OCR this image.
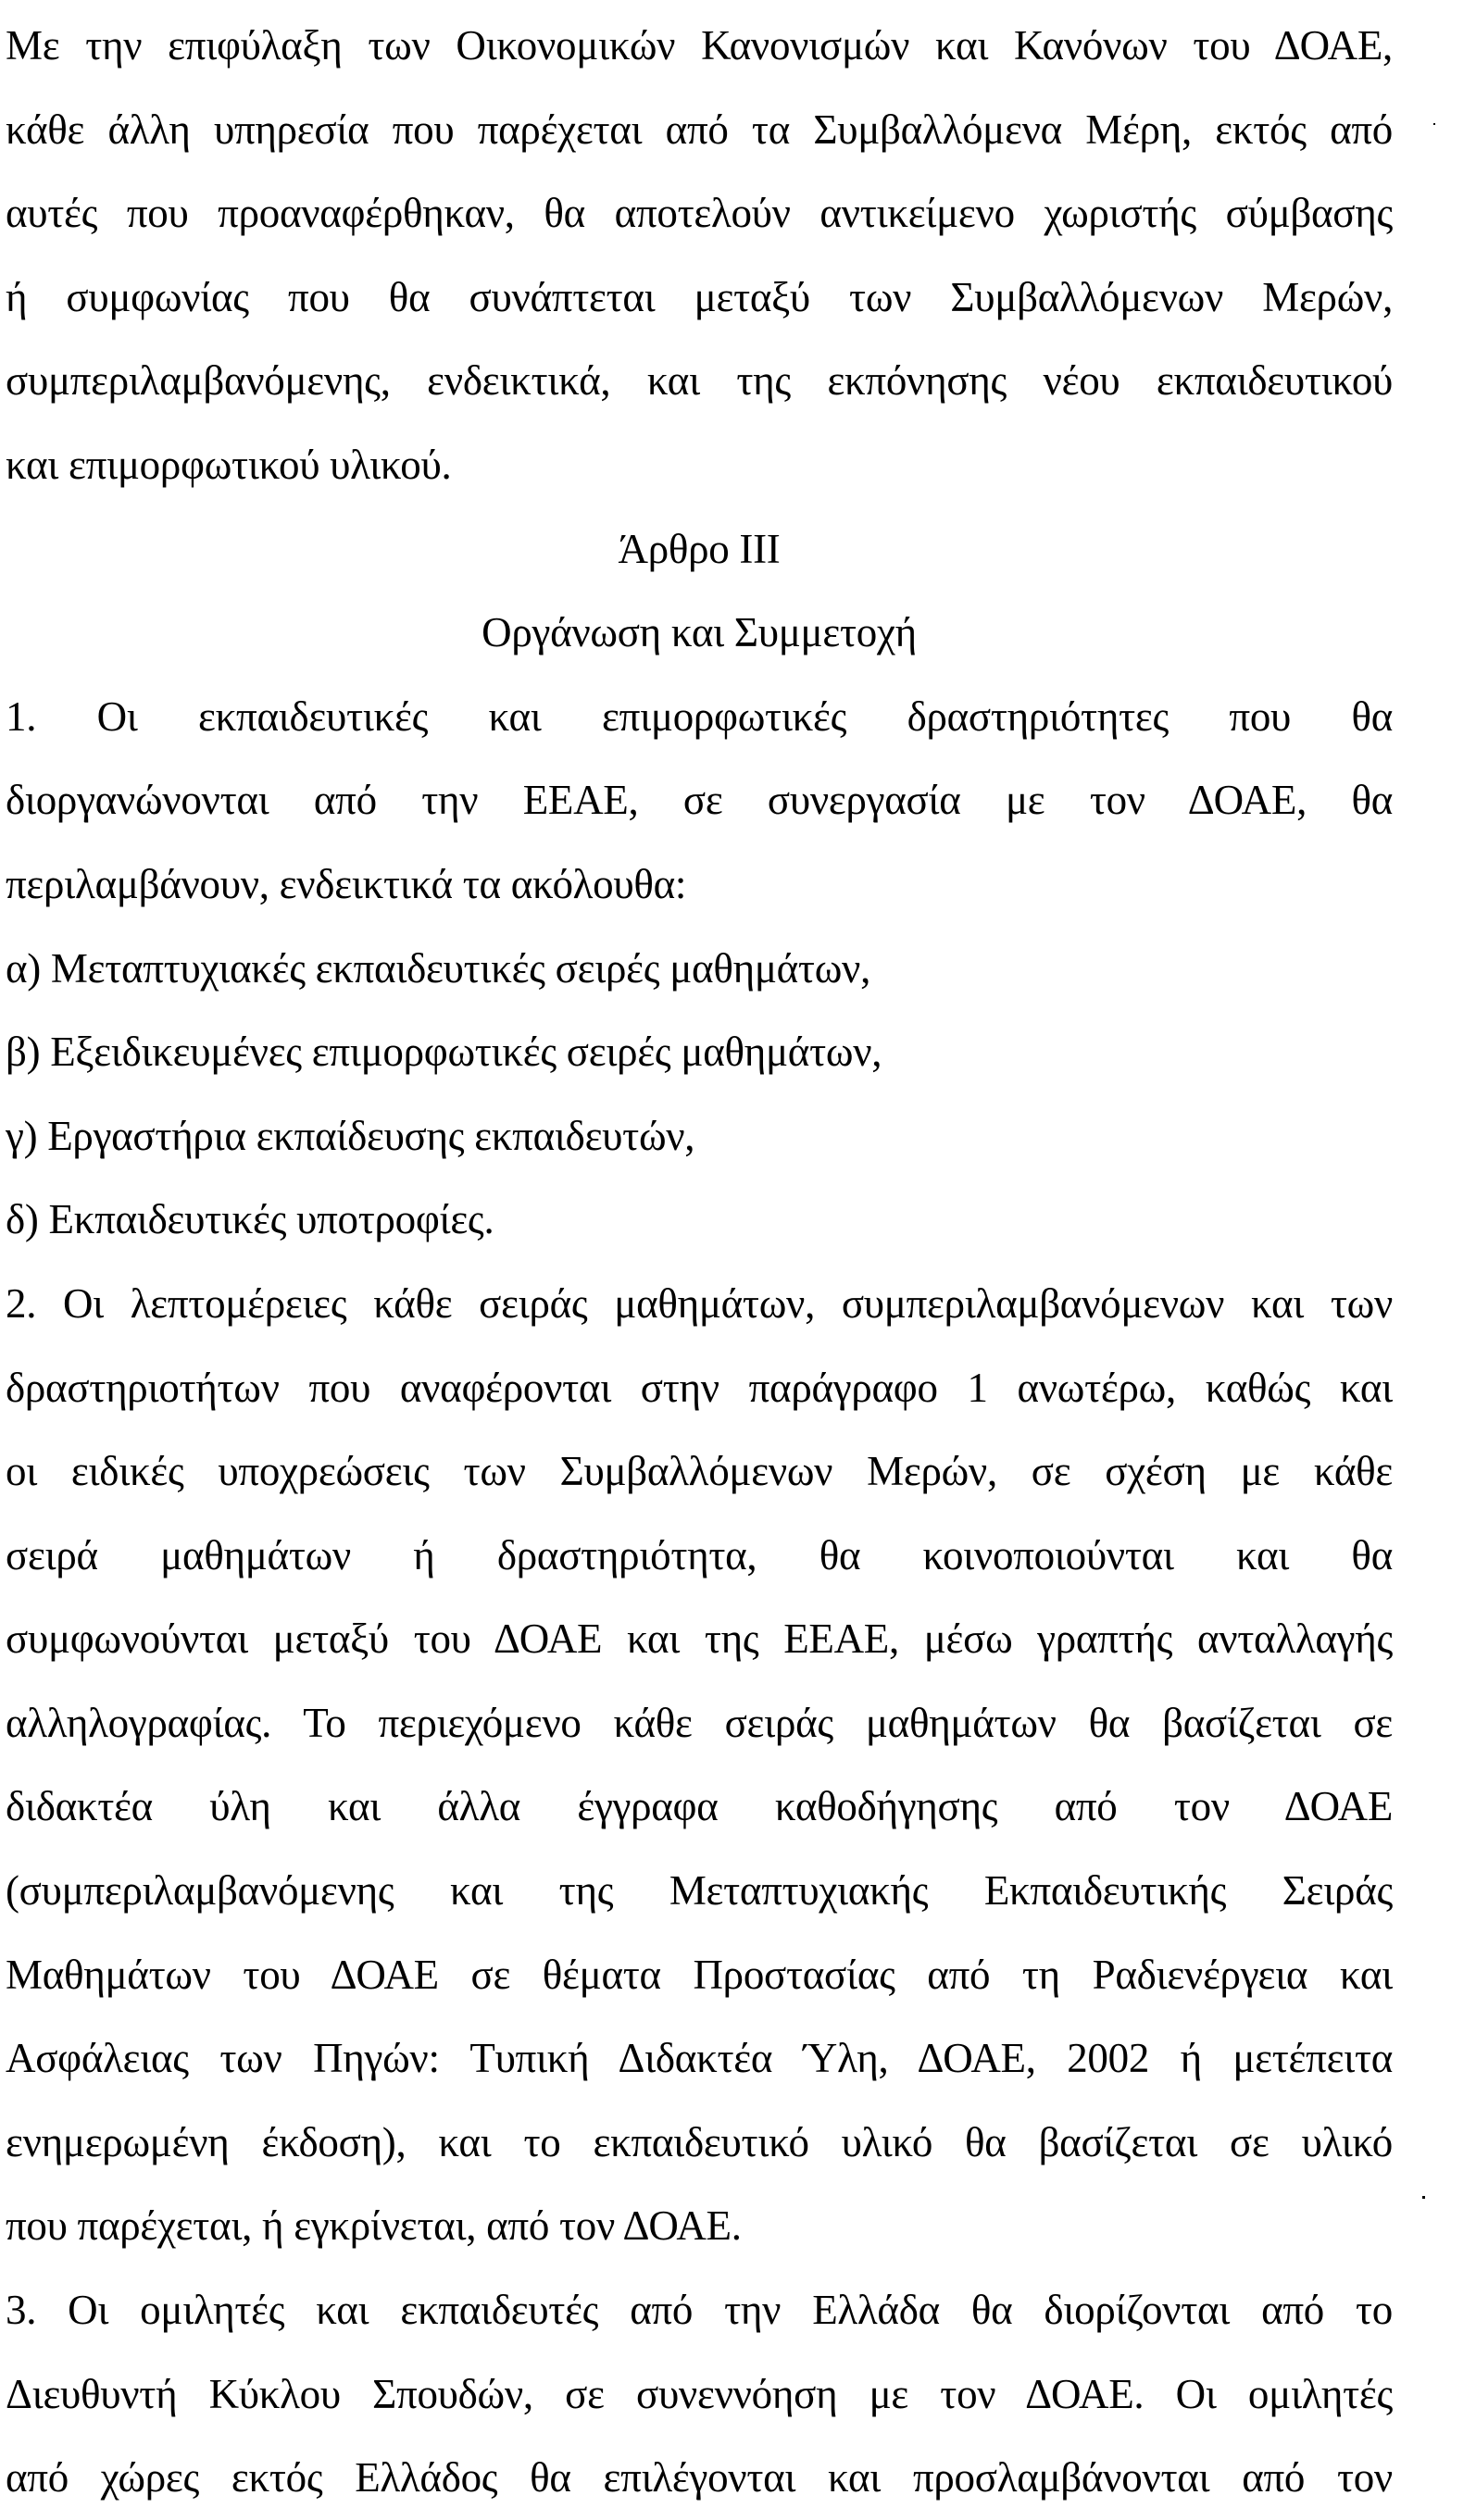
Με την επιφύλαξη των Οικονομικών Κανονισμών και Κανόνων του ΔΟΑΕ,
κάθε άλλη υπηρεσία που παρέχεται από τα Συμβαλλόμενα Μέρη, εκτός από
αυτές που προαναφέρθηκαν, θα αποτελούν αντικείμενο χωριστής σύμβασης
ή συμφωνίας που θα συνάπτεται μεταξύ των Συμβαλλόμενων Μερών,
συμπεριλαμβανόμενης, ενδεικτικά, και της εκπόνησης νέου εκπαιδευτικού
και επιμορφωτικού υλικού.
Άρθρο ΙΙΙ
Οργάνωση και Συμμετοχή
1. Οι εκπαιδευτικές και επιμορφωτικές δραστηριότητες που θα
διοργανώνονται από την ΕΕΑΕ, σε συνεργασία με τον ΔΟΑΕ, θα
περιλαμβάνουν, ενδεικτικά τα ακόλουθα:
α) Μεταπτυχιακές εκπαιδευτικές σειρές μαθημάτων,
β) Εξειδικευμένες επιμορφωτικές σειρές μαθημάτων,
γ) Εργαστήρια εκπαίδευσης εκπαιδευτών,
δ) Εκπαιδευτικές υποτροφίες.
2. Οι λεπτομέρειες κάθε σειράς μαθημάτων, συμπεριλαμβανόμενων και των
δραστηριοτήτων που αναφέρονται στην παράγραφο 1 ανωτέρω, καθώς και
οι ειδικές υποχρεώσεις των Συμβαλλόμενων Μερών, σε σχέση με κάθε
σειρά μαθημάτων ή δραστηριότητα, θα κοινοποιούνται και θα
συμφωνούνται μεταξύ του ΔΟΑΕ και της ΕΕΑΕ, μέσω γραπτής ανταλλαγής
αλληλογραφίας. Το περιεχόμενο κάθε σειράς μαθημάτων θα βασίζεται σε
διδακτέα ύλη και άλλα έγγραφα καθοδήγησης από τον ΔΟΑΕ
(συμπεριλαμβανόμενης και της Μεταπτυχιακής Εκπαιδευτικής Σειράς
Μαθημάτων του ΔΟΑΕ σε θέματα Προστασίας από τη Ραδιενέργεια και
Ασφάλειας των Πηγών: Τυπική Διδακτέα Ύλη, ΔΟΑΕ, 2002 ή μετέπειτα
ενημερωμένη έκδοση), και το εκπαιδευτικό υλικό θα βασίζεται σε υλικό
που παρέχεται, ή εγκρίνεται, από τον ΔΟΑΕ.
3. Οι ομιλητές και εκπαιδευτές από την Ελλάδα θα διορίζονται από το
Διευθυντή Κύκλου Σπουδών, σε συνεννόηση με τον ΔΟΑΕ. Οι ομιλητές
από χώρες εκτός Ελλάδος θα επιλέγονται και προσλαμβάνονται από τον
